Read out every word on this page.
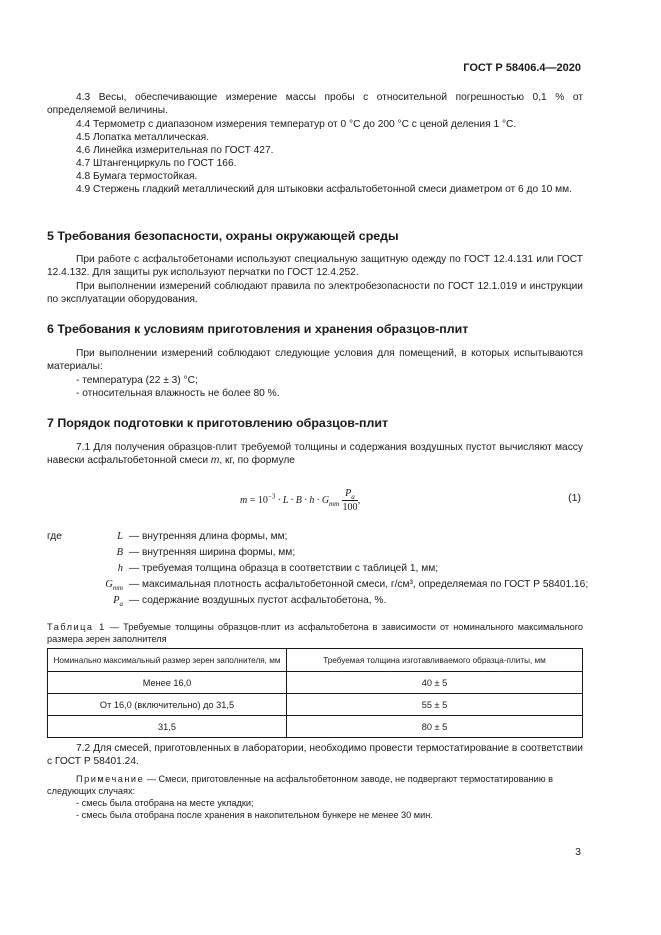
ГОСТ Р 58406.4—2020
4.3 Весы, обеспечивающие измерение массы пробы с относительной погрешностью 0,1 % от определяемой величины.
4.4 Термометр с диапазоном измерения температур от 0 °С до 200 °С с ценой деления 1 °С.
4.5 Лопатка металлическая.
4.6 Линейка измерительная по ГОСТ 427.
4.7 Штангенциркуль по ГОСТ 166.
4.8 Бумага термостойкая.
4.9 Стержень гладкий металлический для штыковки асфальтобетонной смеси диаметром от 6 до 10 мм.
5 Требования безопасности, охраны окружающей среды
При работе с асфальтобетонами используют специальную защитную одежду по ГОСТ 12.4.131 или ГОСТ 12.4.132. Для защиты рук используют перчатки по ГОСТ 12.4.252.
При выполнении измерений соблюдают правила по электробезопасности по ГОСТ 12.1.019 и инструкции по эксплуатации оборудования.
6 Требования к условиям приготовления и хранения образцов-плит
При выполнении измерений соблюдают следующие условия для помещений, в которых испытываются материалы:
- температура (22 ± 3) °С;
- относительная влажность не более 80 %.
7 Порядок подготовки к приготовлению образцов-плит
7.1 Для получения образцов-плит требуемой толщины и содержания воздушных пустот вычисляют массу навески асфальтобетонной смеси m, кг, по формуле
$m = 10^{-3} \cdot L \cdot B \cdot h \cdot G_{mm} \frac{P_a}{100}$ ,	(1)
где	L — внутренняя длина формы, мм;
B — внутренняя ширина формы, мм;
h — требуемая толщина образца в соответствии с таблицей 1, мм;
$G_{mm}$ — максимальная плотность асфальтобетонной смеси, г/см³, определяемая по ГОСТ Р 58401.16;
$P_a$ — содержание воздушных пустот асфальтобетона, %.
Таблица 1 — Требуемые толщины образцов-плит из асфальтобетона в зависимости от номинального максимального размера зерен заполнителя
Номинально максимальный размер зерен заполнителя, мм	Требуемая толщина изготавливаемого образца-плиты, мм
Менее 16,0	40 ± 5
От 16,0 (включительно) до 31,5	55 ± 5
31,5	80 ± 5
7.2 Для смесей, приготовленных в лаборатории, необходимо провести термостатирование в соответствии с ГОСТ Р 58401.24.
Примечание — Смеси, приготовленные на асфальтобетонном заводе, не подвергают термостатированию в следующих случаях:
- смесь была отобрана на месте укладки;
- смесь была отобрана после хранения в накопительном бункере не менее 30 мин.
3
